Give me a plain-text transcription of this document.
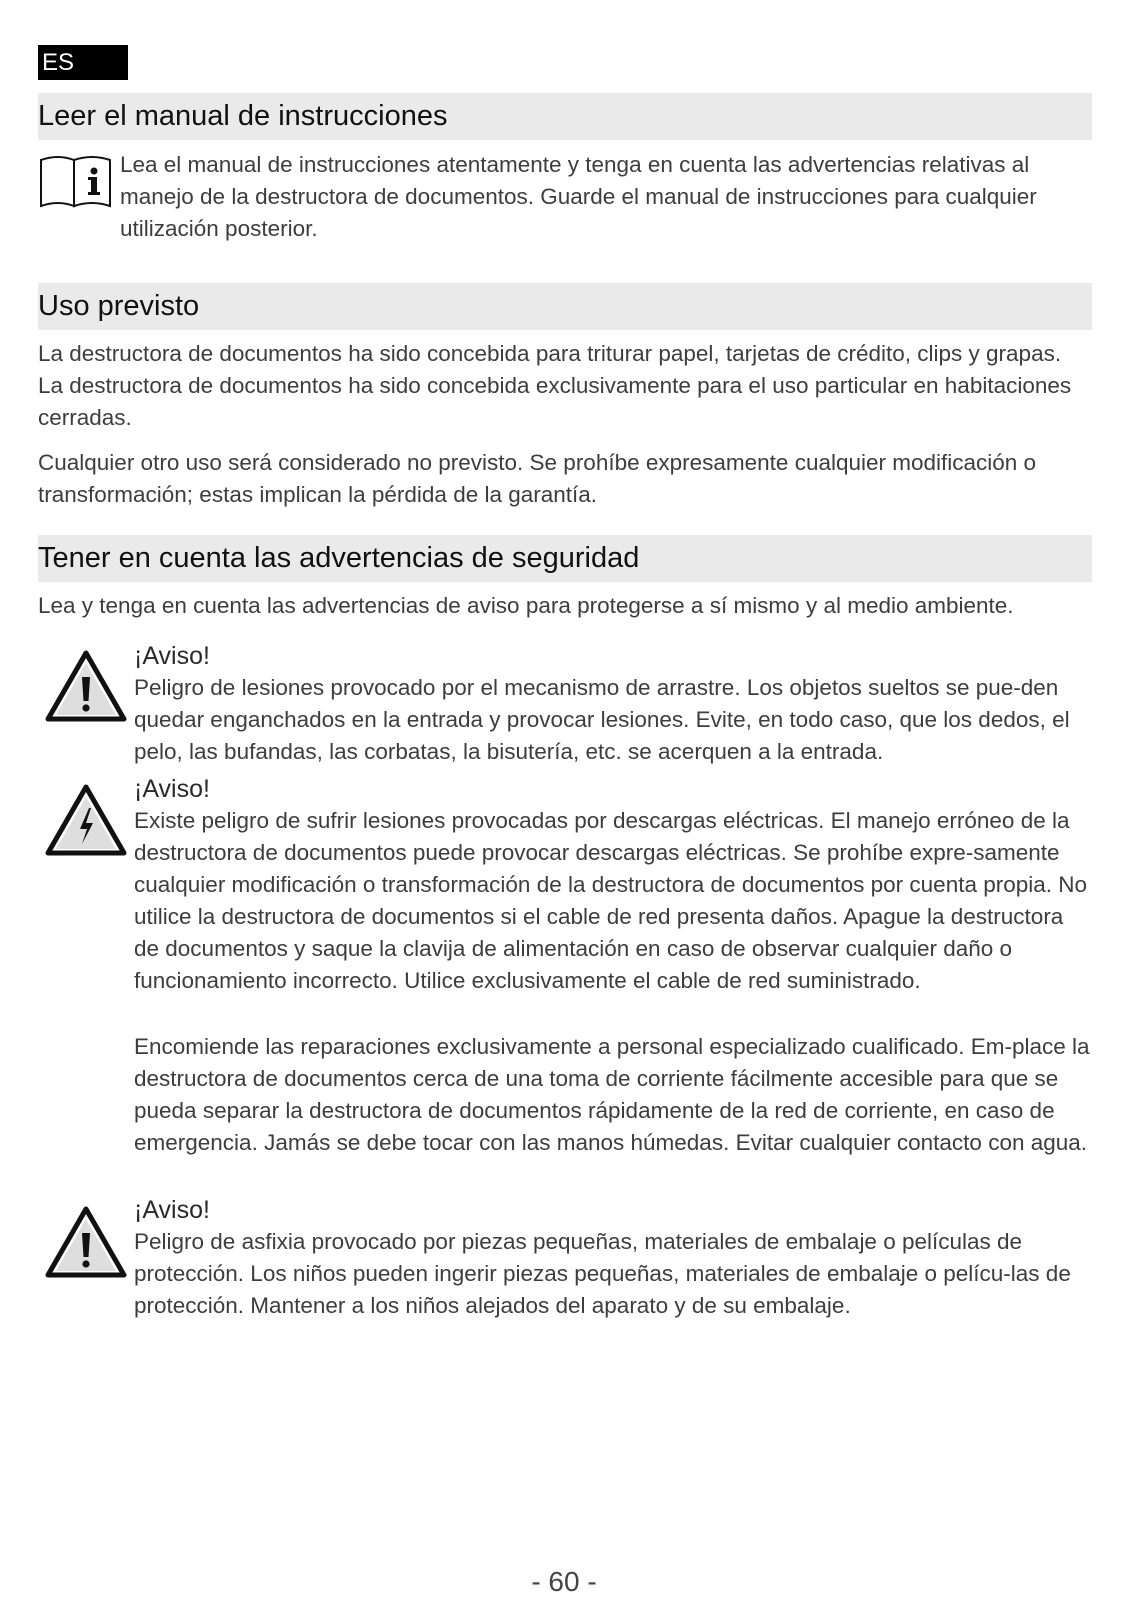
ES
Leer el manual de instrucciones

Lea el manual de instrucciones atentamente y tenga en cuenta las advertencias relativas al manejo de la destructora de documentos. Guarde el manual de instrucciones para cualquier utilización posterior.

Uso previsto

La destructora de documentos ha sido concebida para triturar papel, tarjetas de crédito, clips y grapas. La destructora de documentos ha sido concebida exclusivamente para el uso particular en habitaciones cerradas.

Cualquier otro uso será considerado no previsto. Se prohíbe expresamente cualquier modificación o transformación; estas implican la pérdida de la garantía.

Tener en cuenta las advertencias de seguridad

Lea y tenga en cuenta las advertencias de aviso para protegerse a sí mismo y al medio ambiente.

¡Aviso!

Peligro de lesiones provocado por el mecanismo de arrastre. Los objetos sueltos se pue-den quedar enganchados en la entrada y provocar lesiones. Evite, en todo caso, que los dedos, el pelo, las bufandas, las corbatas, la bisutería, etc. se acerquen a la entrada.

¡Aviso!

Existe peligro de sufrir lesiones provocadas por descargas eléctricas. El manejo erróneo de la destructora de documentos puede provocar descargas eléctricas. Se prohíbe expre-samente cualquier modificación o transformación de la destructora de documentos por cuenta propia. No utilice la destructora de documentos si el cable de red presenta daños. Apague la destructora de documentos y saque la clavija de alimentación en caso de observar cualquier daño o funcionamiento incorrecto. Utilice exclusivamente el cable de red suministrado.

Encomiende las reparaciones exclusivamente a personal especializado cualificado. Em-place la destructora de documentos cerca de una toma de corriente fácilmente accesible para que se pueda separar la destructora de documentos rápidamente de la red de corriente, en caso de emergencia. Jamás se debe tocar con las manos húmedas. Evitar cualquier contacto con agua.

¡Aviso!

Peligro de asfixia provocado por piezas pequeñas, materiales de embalaje o películas de protección. Los niños pueden ingerir piezas pequeñas, materiales de embalaje o pelícu-las de protección. Mantener a los niños alejados del aparato y de su embalaje.

- 60 -
